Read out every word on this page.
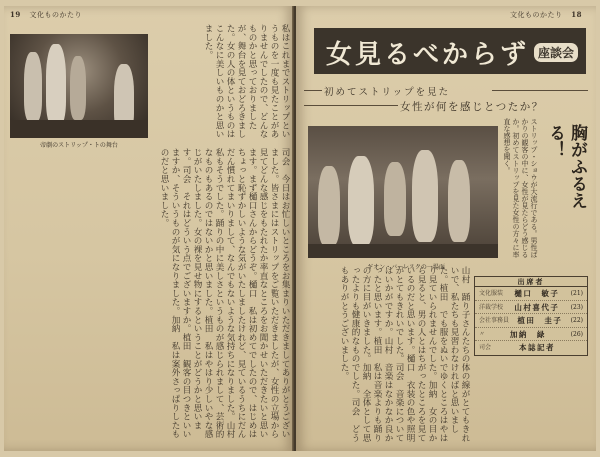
19 文化ものかたり
帝劇のストリップ・トの舞台
私はこれまでストリップというものを一度も見たことがありませんでしたので、どんなものかと思っておりましたが、舞台を見ておどろきました。女の人の体というものはこんなに美しいものかと思いました。
司会　今日はお忙しいところをお集まりいただきましてありがとうございました。皆さまにはストリップをご覧いただきましたが、女性の立場から見てどんな感じをもたれたか率直なところをお聞かせいただきたいと思います。まず樋口さんからどうぞ。樋口　私は初めてでしたので、はじめはちょっと恥ずかしいような気がいたしましたけれど、見ているうちにだんだん慣れてまいりまして、なんでもないような気持ちになりました。山村　私もそうでした。踊りの中に美しさというものが感じられまして、芸術的なものもあるのではないかと思いました。植田　私はやはり少しいやな感じがいたしました。女の裸を見せ物にするということがどうかと思います。司会　それはどういう点でございますか。植田　観客の目つきといいますか、そういうものが気になりました。加納　私は案外さっぱりしたものだと思いました。
文化ものかたり 18
女見るべからず 座談会
初めてストリップを見た
女性が何を感じとつたか？
ギオン・バーレスクの一場面
ストリップ・ショウが大流行である。男性ばかりの観客の中に、女性が見たらどう感じるか。初めてストリップを見た女性の方々に率直な感想を聞く。	胸がふるえる！
出席者
文化服装 樋口　敏子 (21)
洋裁学校 山村喜代子 (23)
会社事務員 植田　圭子 (22)
〃	加納　緑	(26)
司会	本誌記者
山村　踊り子さんたちの体の線がとてもきれいで、私たちも見習わなければと思いました。植田　でも服をぬいでゆくところはやはり見ていられませんでした。加納　女の目から見ると、男の人とはちがったところを見ているのだと思います。樋口　衣装の色や照明がとてもきれいでした。司会　音楽についてはいかがですか。山村　音楽はなかなか良かったと思います。植田　私は音楽よりも踊りの方に目がいきました。加納　全体として思ったよりも健康的なものでした。司会　どうもありがとうございました。
